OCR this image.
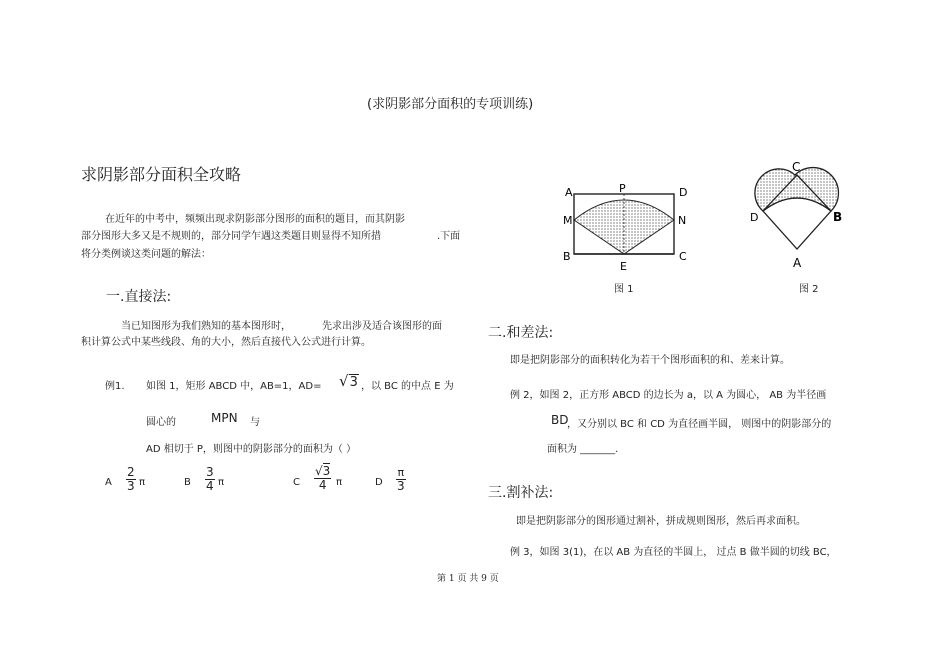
(求阴影部分面积的专项训练)
求阴影部分面积全攻略
在近年的中考中，频频出现求阴影部分图形的面积的题目，而其阴影
部分图形大多又是不规则的，部分同学乍遇这类题目则显得不知所措	.下面
将分类例谈这类问题的解法：
一.直接法:
当已知图形为我们熟知的基本图形时，	先求出涉及适合该图形的面
积计算公式中某些线段、角的大小，然后直接代入公式进行计算。
例1. 如图 1，矩形 ABCD 中，AB=1，AD= √3 ，以 BC 的中点 E 为
圆心的	MPN 与
AD 相切于 P，则图中的阴影部分的面积为（ ）
A
2
3 π	B
3
4 π	C
√3
4 π	D
π
3
A	P	D
M	N
B
E
C
图 1
C
D	B
A
图 2
二.和差法:
即是把阴影部分的面积转化为若干个图形面积的和、差来计算。
例 2，如图 2，正方形 ABCD 的边长为 a，以 A 为圆心， AB 为半径画
BD
，又分别以 BC 和 CD 为直径画半圆， 则图中的阴影部分的
面积为 _______.
三.割补法:
即是把阴影部分的图形通过割补，拼成规则图形，然后再求面积。
例 3，如图 3(1)，在以 AB 为直径的半圆上， 过点 B 做半圆的切线 BC，
第 1 页 共 9 页
